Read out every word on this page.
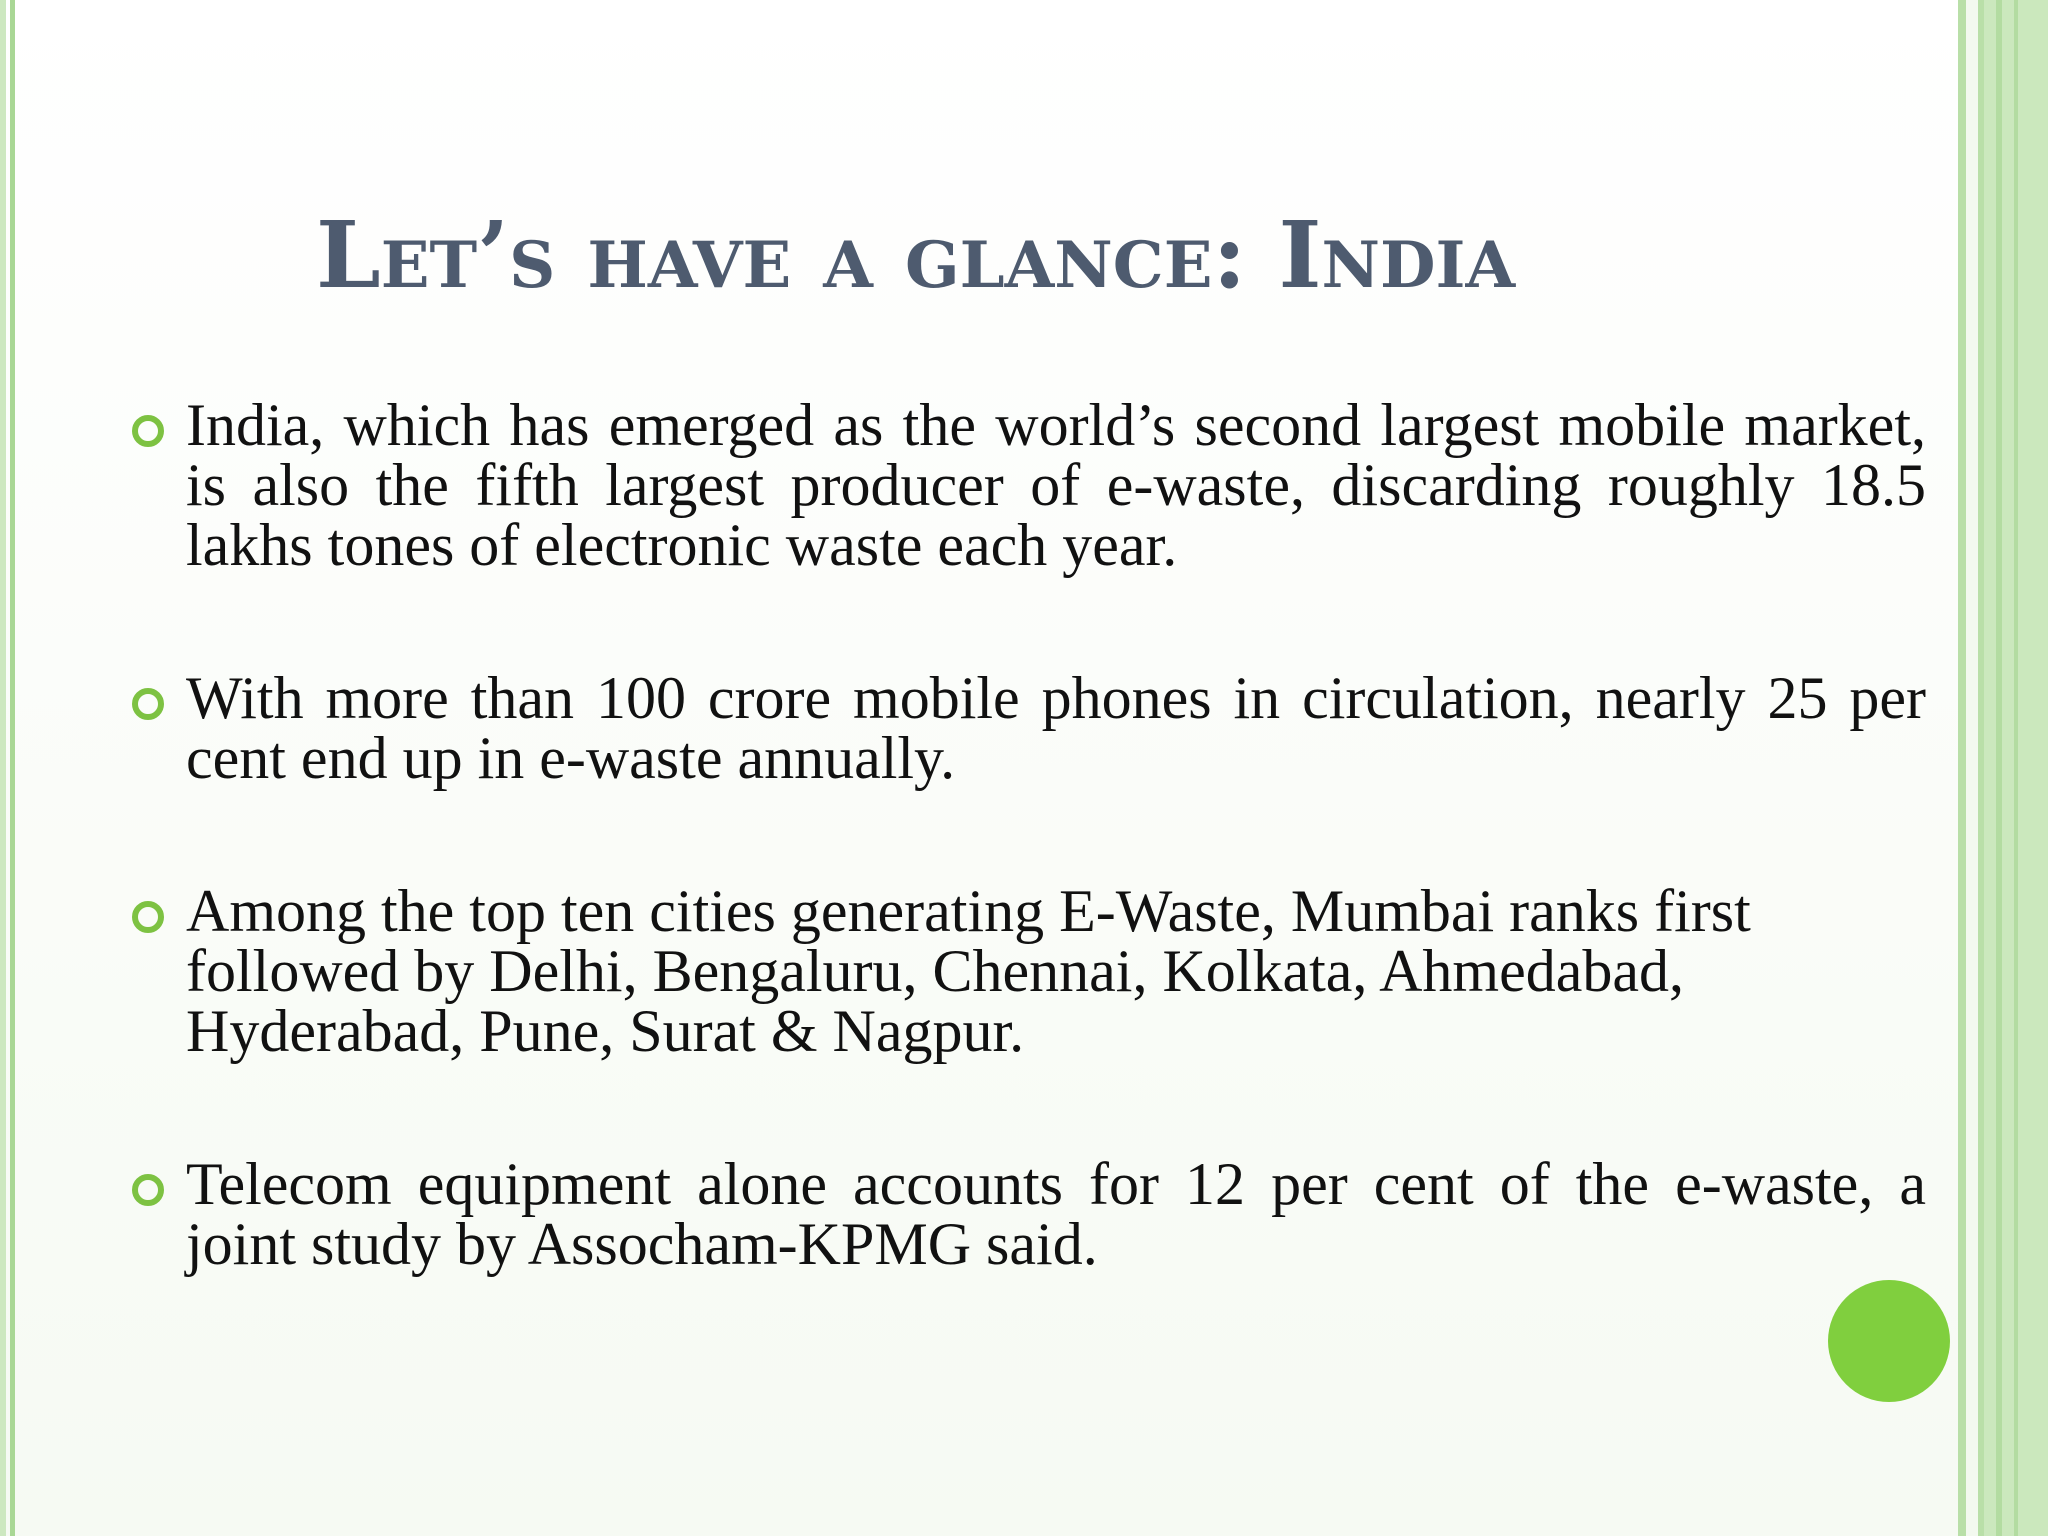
Let’s have a glance: India
India, which has emerged as the world’s second largest mobile market, is also the fifth largest producer of e-waste, discarding roughly 18.5 lakhs tones of electronic waste each year.
With more than 100 crore mobile phones in circulation, nearly 25 per cent end up in e-waste annually.
Among the top ten cities generating E-Waste, Mumbai ranks first followed by Delhi, Bengaluru, Chennai, Kolkata, Ahmedabad, Hyderabad, Pune, Surat & Nagpur.
Telecom equipment alone accounts for 12 per cent of the e-waste, a joint study by Assocham-KPMG said.
